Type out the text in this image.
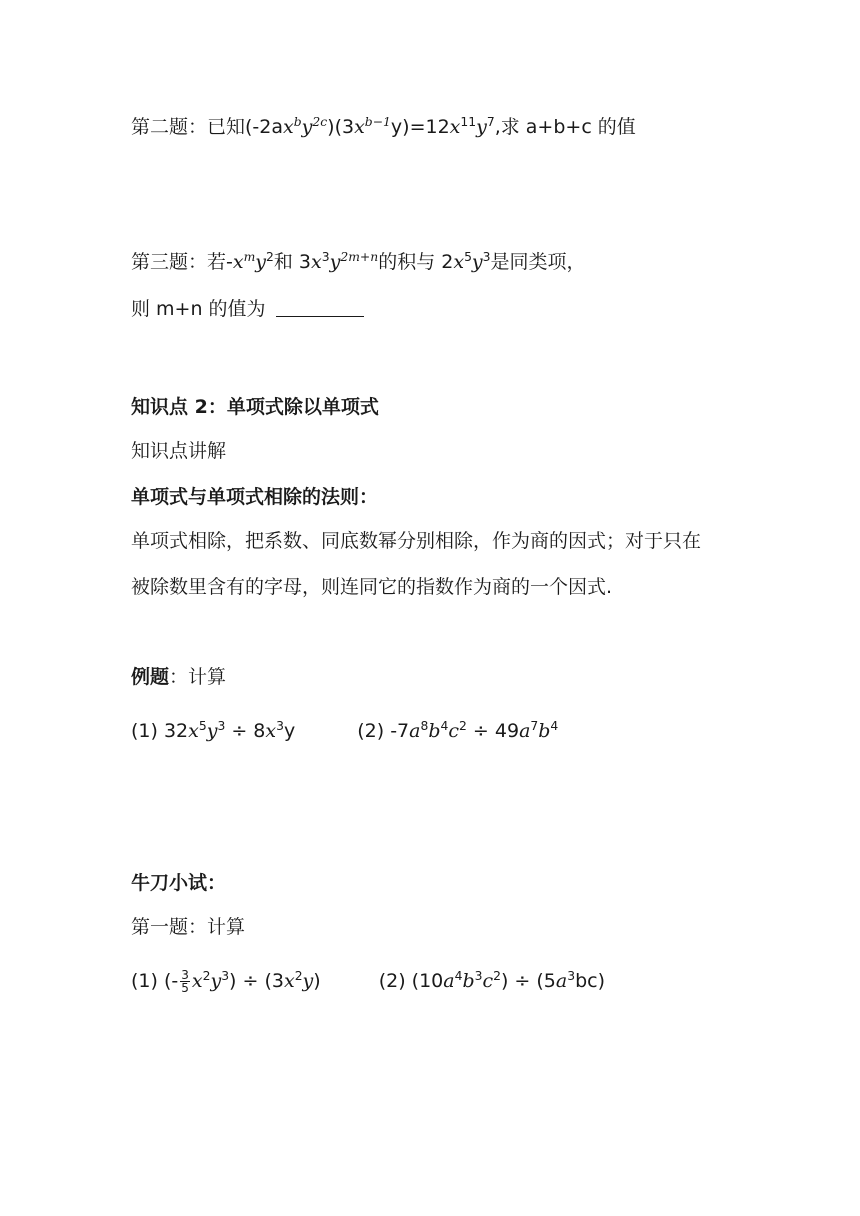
第二题：已知$(-2ax^by^{2c})(3x^{b-1}y)=12x^{11}y^7$,求 a+b+c 的值
第三题：若$-x^my^2$和 $3x^3y^{2m+n}$的积与 $2x^5y^3$是同类项，
则 m+n 的值为
知识点 2：单项式除以单项式
知识点讲解
单项式与单项式相除的法则：
单项式相除，把系数、同底数幂分别相除，作为商的因式；对于只在
被除数里含有的字母，则连同它的指数作为商的一个因式.
例题：计算
(1) $32x^5y^3 \div 8x^3y$	(2) $-7a^8b^4c^2 \div 49a^7b^4$
牛刀小试：
第一题：计算
(1) (- $\frac{3}{5} x^2y^3) \div (3x^2y)$	(2) $(10a^4b^3c^2) \div (5a^3bc)$
